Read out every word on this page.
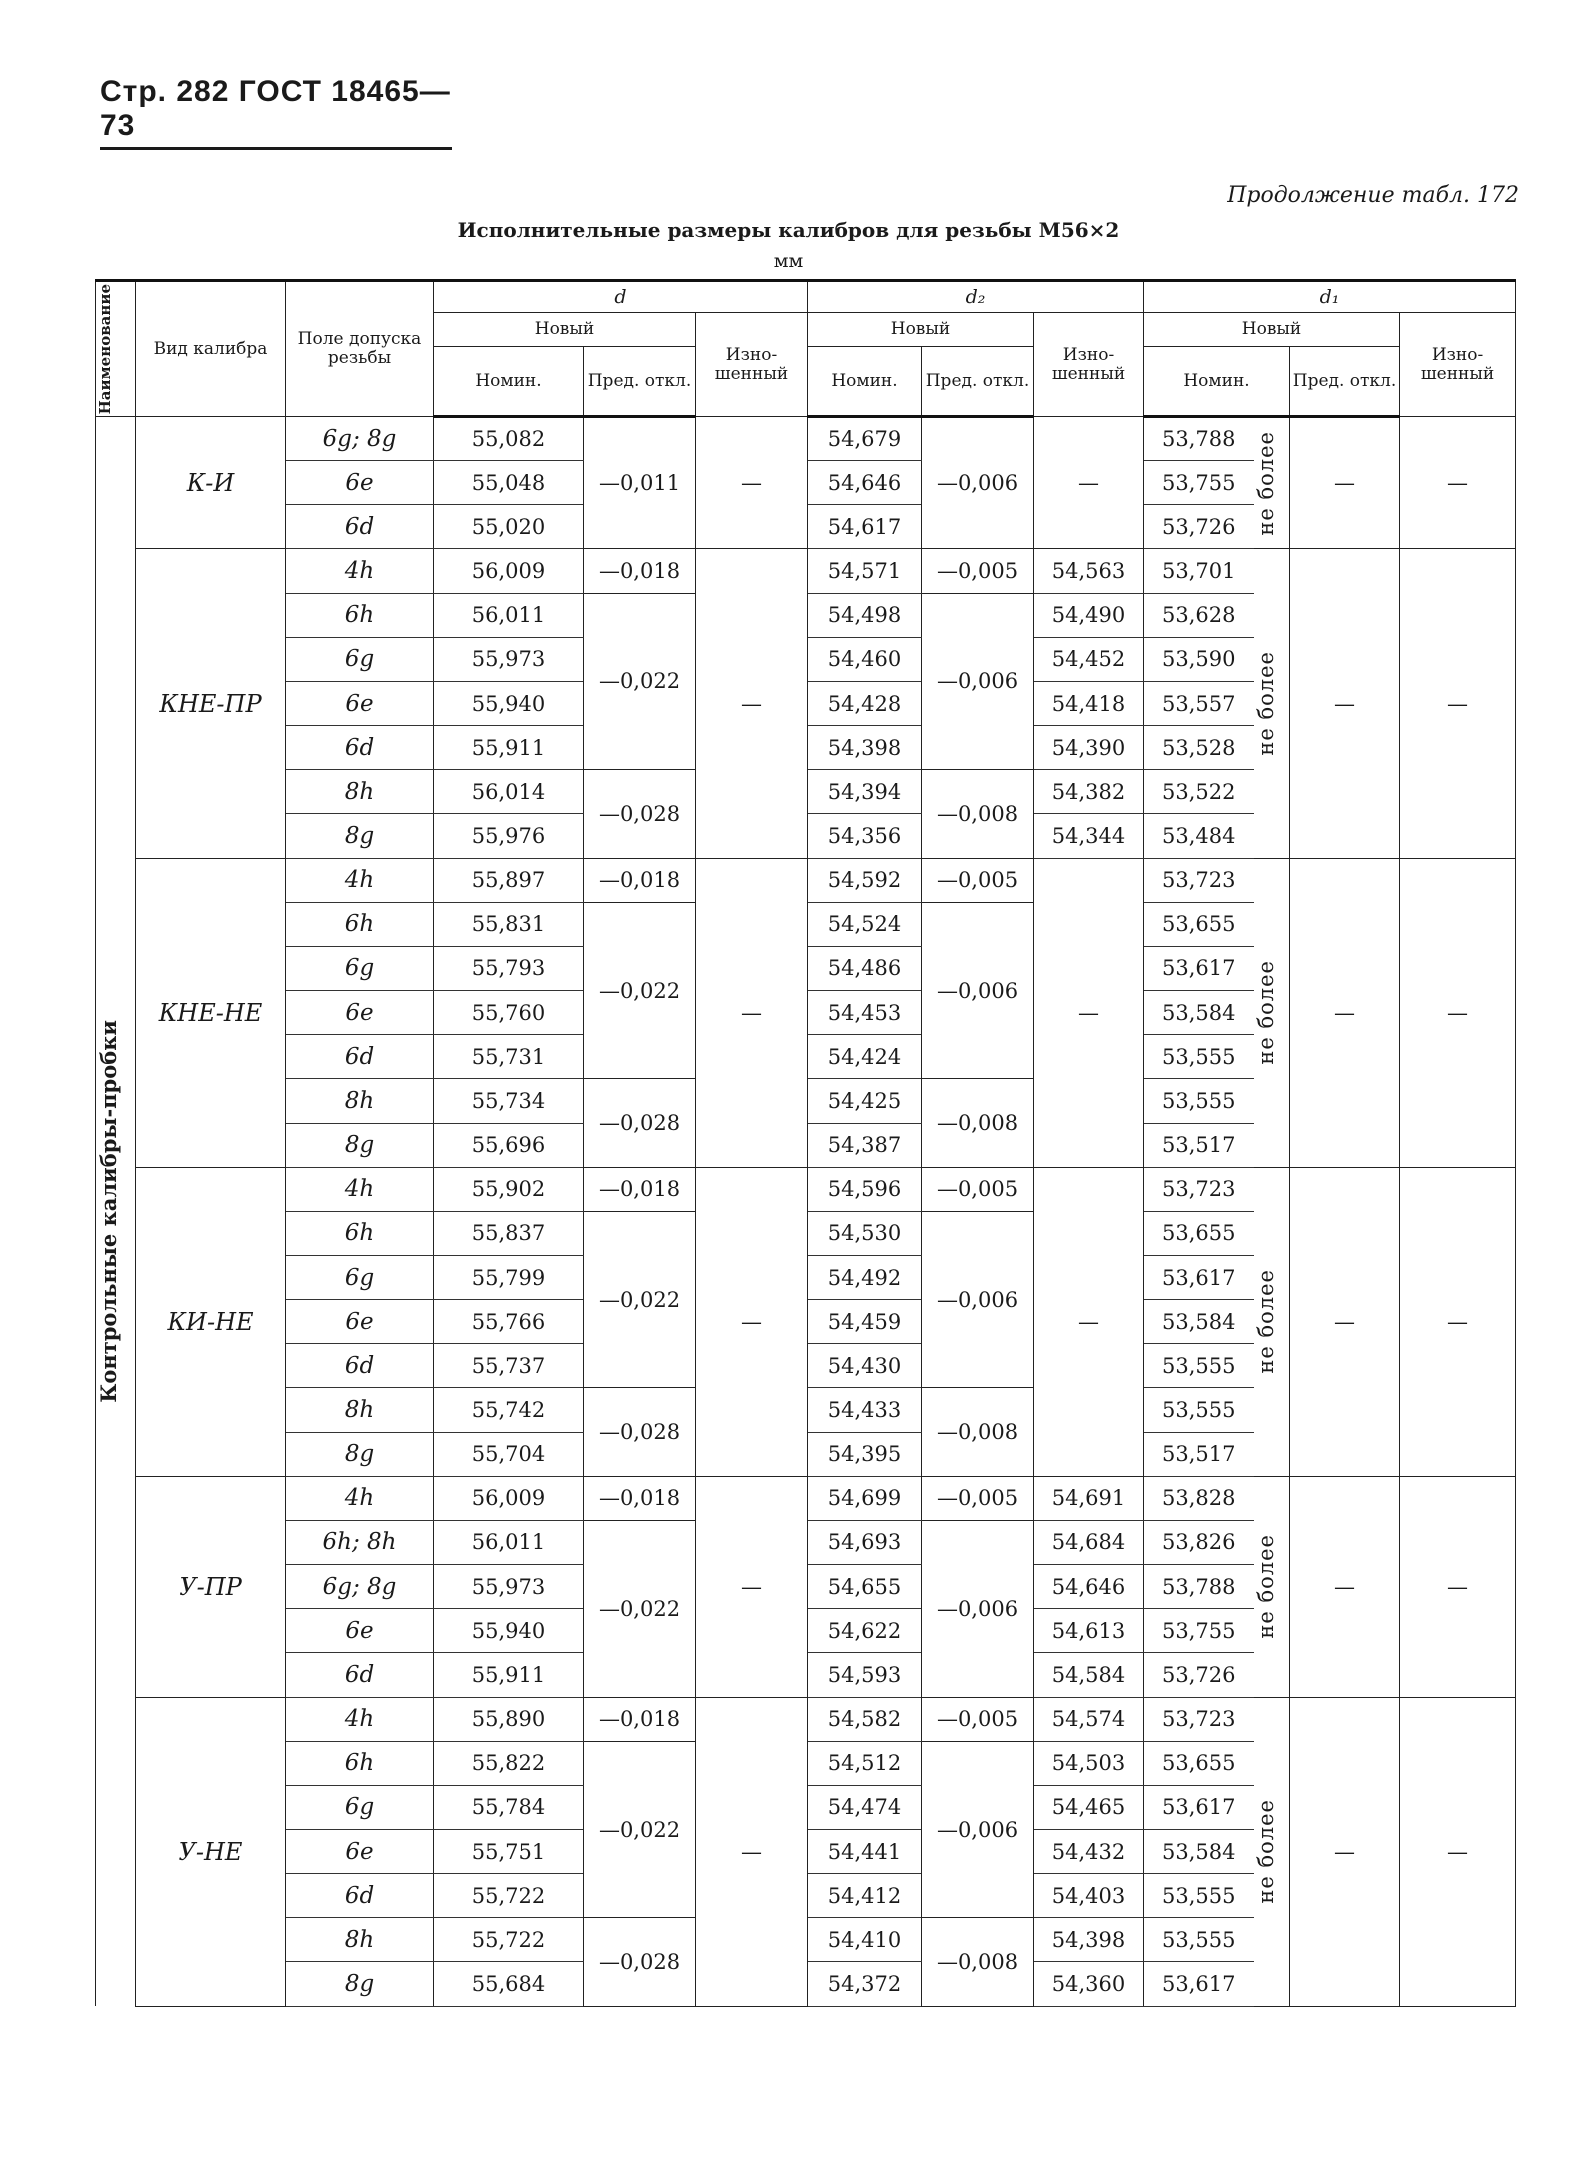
Стр. 282 ГОСТ 18465—73
Продолжение табл. 172
Исполнительные размеры калибров для резьбы М56×2
мм
Наименование	Вид калибра	Поле допуска резьбы	d			d₂			d₁			
			Новый		Изно- шенный	Новый		Изно- шенный	Новый			Изно- шенный
			Номин.	Пред. откл.		Номин.	Пред. откл.		Номин.		Пред. откл.	

Контрольные калибры-пробки	К-И	6g; 8g	55,082	—0,011	—	54,679	—0,006	—	53,788	не более	—	—
		6e	55,048			54,646			53,755			
		6d	55,020			54,617			53,726			
	КНЕ-ПР	4h	56,009	—0,018	—	54,571	—0,005	54,563	53,701	не более	—	—
		6h	56,011	—0,022		54,498	—0,006	54,490	53,628			
		6g	55,973			54,460		54,452	53,590			
		6e	55,940			54,428		54,418	53,557			
		6d	55,911			54,398		54,390	53,528			
		8h	56,014	—0,028		54,394	—0,008	54,382	53,522			
		8g	55,976			54,356		54,344	53,484			
	КНЕ-НЕ	4h	55,897	—0,018	—	54,592	—0,005	—	53,723	не более	—	—
		6h	55,831	—0,022		54,524	—0,006		53,655			
		6g	55,793			54,486			53,617			
		6e	55,760			54,453			53,584			
		6d	55,731			54,424			53,555			
		8h	55,734	—0,028		54,425	—0,008		53,555			
		8g	55,696			54,387			53,517			
	КИ-НЕ	4h	55,902	—0,018	—	54,596	—0,005	—	53,723	не более	—	—
		6h	55,837	—0,022		54,530	—0,006		53,655			
		6g	55,799			54,492			53,617			
		6e	55,766			54,459			53,584			
		6d	55,737			54,430			53,555			
		8h	55,742	—0,028		54,433	—0,008		53,555			
		8g	55,704			54,395			53,517			
	У-ПР	4h	56,009	—0,018	—	54,699	—0,005	54,691	53,828	не более	—	—
		6h; 8h	56,011	—0,022		54,693	—0,006	54,684	53,826			
		6g; 8g	55,973			54,655		54,646	53,788			
		6e	55,940			54,622		54,613	53,755			
		6d	55,911			54,593		54,584	53,726			
	У-НЕ	4h	55,890	—0,018	—	54,582	—0,005	54,574	53,723	не более	—	—
		6h	55,822	—0,022		54,512	—0,006	54,503	53,655			
		6g	55,784			54,474		54,465	53,617			
		6e	55,751			54,441		54,432	53,584			
		6d	55,722			54,412		54,403	53,555			
		8h	55,722	—0,028		54,410	—0,008	54,398	53,555			
		8g	55,684			54,372		54,360	53,617			
